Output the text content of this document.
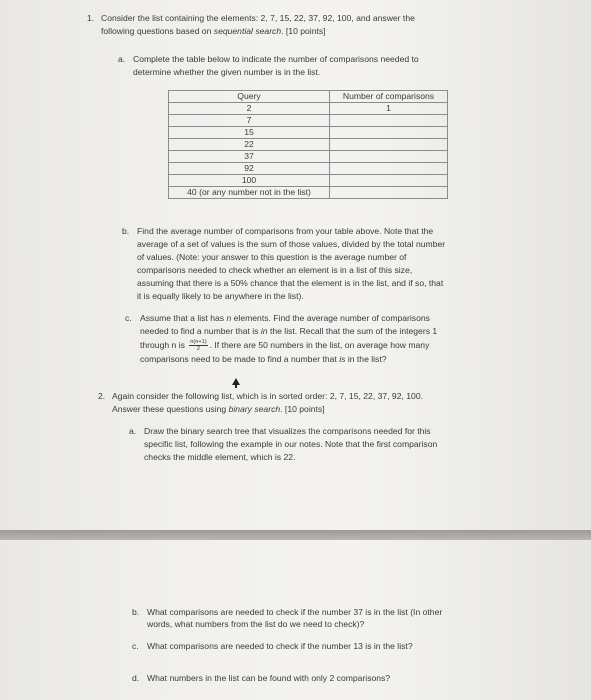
1. Consider the list containing the elements: 2, 7, 15, 22, 37, 92, 100, and answer the
following questions based on sequential search. [10 points]
a. Complete the table below to indicate the number of comparisons needed to
determine whether the given number is in the list.
Query	Number of comparisons
2	1
7	
15	
22	
37	
92	
100	
40 (or any number not in the list)	
b. Find the average number of comparisons from your table above. Note that the
average of a set of values is the sum of those values, divided by the total number
of values. (Note: your answer to this question is the average number of
comparisons needed to check whether an element is in a list of this size,
assuming that there is a 50% chance that the element is in the list, and if so, that
it is equally likely to be anywhere in the list).
c. Assume that a list has n elements. Find the average number of comparisons
needed to find a number that is in the list. Recall that the sum of the integers 1
through n is $\frac{n(n+1)}{2}$ . If there are 50 numbers in the list, on average how many
comparisons need to be made to find a number that is in the list?
2. Again consider the following list, which is in sorted order: 2, 7, 15, 22, 37, 92, 100.
Answer these questions using binary search. [10 points]
a. Draw the binary search tree that visualizes the comparisons needed for this
specific list, following the example in our notes. Note that the first comparison
checks the middle element, which is 22.
b. What comparisons are needed to check if the number 37 is in the list (In other
words, what numbers from the list do we need to check)?
c. What comparisons are needed to check if the number 13 is in the list?
d. What numbers in the list can be found with only 2 comparisons?
